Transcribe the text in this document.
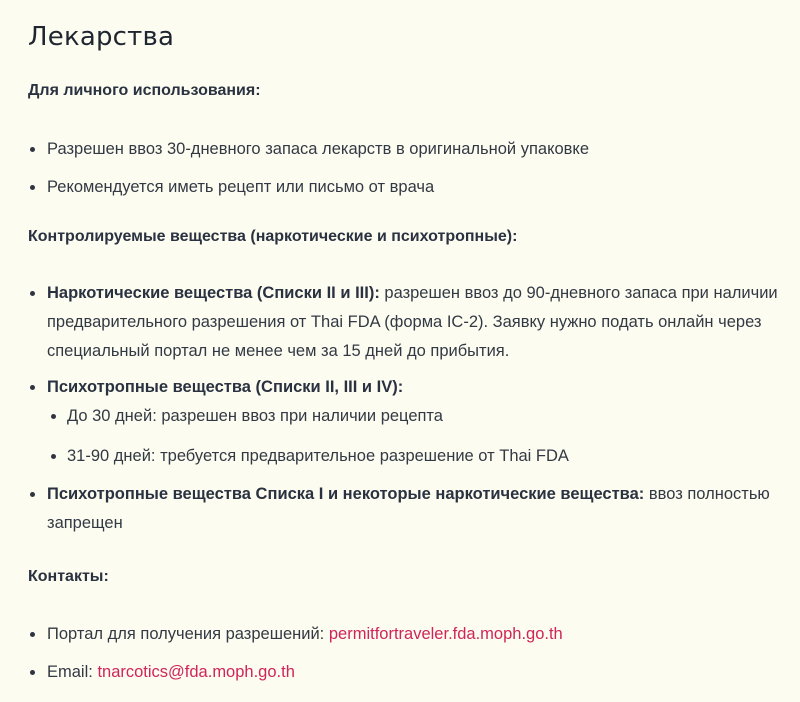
Лекарства

Для личного использования:

Разрешен ввоз 30-дневного запаса лекарств в оригинальной упаковке
Рекомендуется иметь рецепт или письмо от врача

Контролируемые вещества (наркотические и психотропные):

Наркотические вещества (Списки II и III): разрешен ввоз до 90-дневного запаса при наличии предварительного разрешения от Thai FDA (форма IC-2). Заявку нужно подать онлайн через специальный портал не менее чем за 15 дней до прибытия.
Психотропные вещества (Списки II, III и IV):
До 30 дней: разрешен ввоз при наличии рецепта
31-90 дней: требуется предварительное разрешение от Thai FDA
Психотропные вещества Списка I и некоторые наркотические вещества: ввоз полностью запрещен

Контакты:

Портал для получения разрешений: permitfortraveler.fda.moph.go.th
Email: tnarcotics@fda.moph.go.th
